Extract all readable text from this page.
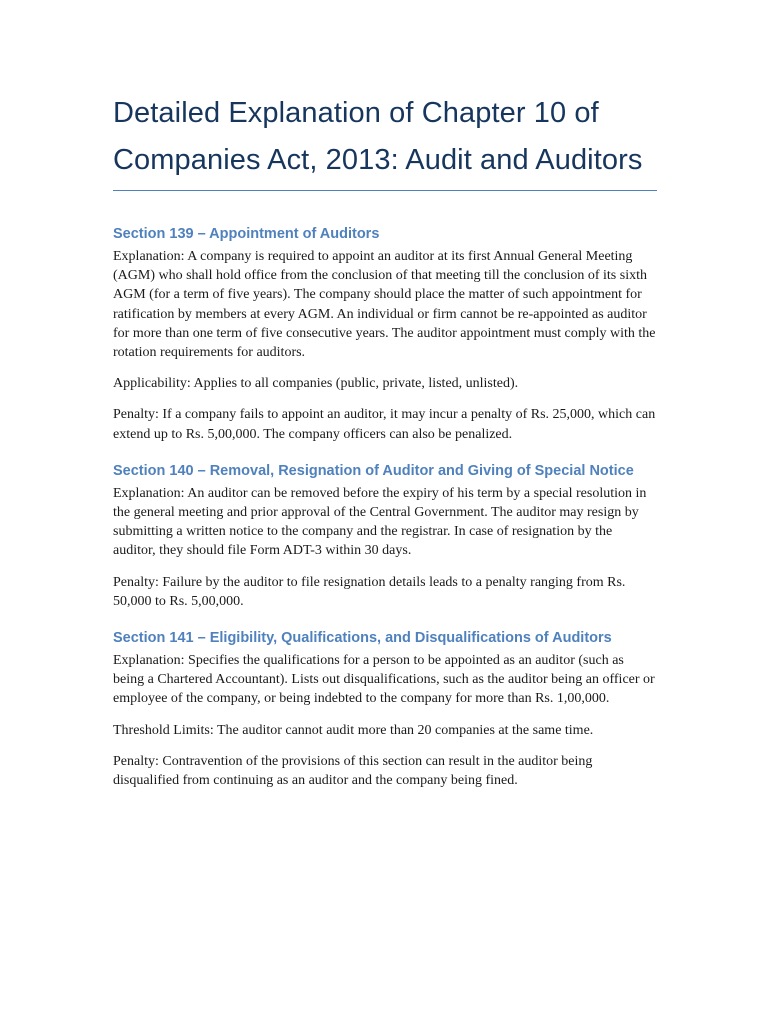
Detailed Explanation of Chapter 10 of Companies Act, 2013: Audit and Auditors
Section 139 – Appointment of Auditors

Explanation: A company is required to appoint an auditor at its first Annual General Meeting (AGM) who shall hold office from the conclusion of that meeting till the conclusion of its sixth AGM (for a term of five years). The company should place the matter of such appointment for ratification by members at every AGM. An individual or firm cannot be re-appointed as auditor for more than one term of five consecutive years. The auditor appointment must comply with the rotation requirements for auditors.

Applicability: Applies to all companies (public, private, listed, unlisted).

Penalty: If a company fails to appoint an auditor, it may incur a penalty of Rs. 25,000, which can extend up to Rs. 5,00,000. The company officers can also be penalized.

Section 140 – Removal, Resignation of Auditor and Giving of Special Notice

Explanation: An auditor can be removed before the expiry of his term by a special resolution in the general meeting and prior approval of the Central Government. The auditor may resign by submitting a written notice to the company and the registrar. In case of resignation by the auditor, they should file Form ADT-3 within 30 days.

Penalty: Failure by the auditor to file resignation details leads to a penalty ranging from Rs. 50,000 to Rs. 5,00,000.

Section 141 – Eligibility, Qualifications, and Disqualifications of Auditors

Explanation: Specifies the qualifications for a person to be appointed as an auditor (such as being a Chartered Accountant). Lists out disqualifications, such as the auditor being an officer or employee of the company, or being indebted to the company for more than Rs. 1,00,000.

Threshold Limits: The auditor cannot audit more than 20 companies at the same time.

Penalty: Contravention of the provisions of this section can result in the auditor being disqualified from continuing as an auditor and the company being fined.
